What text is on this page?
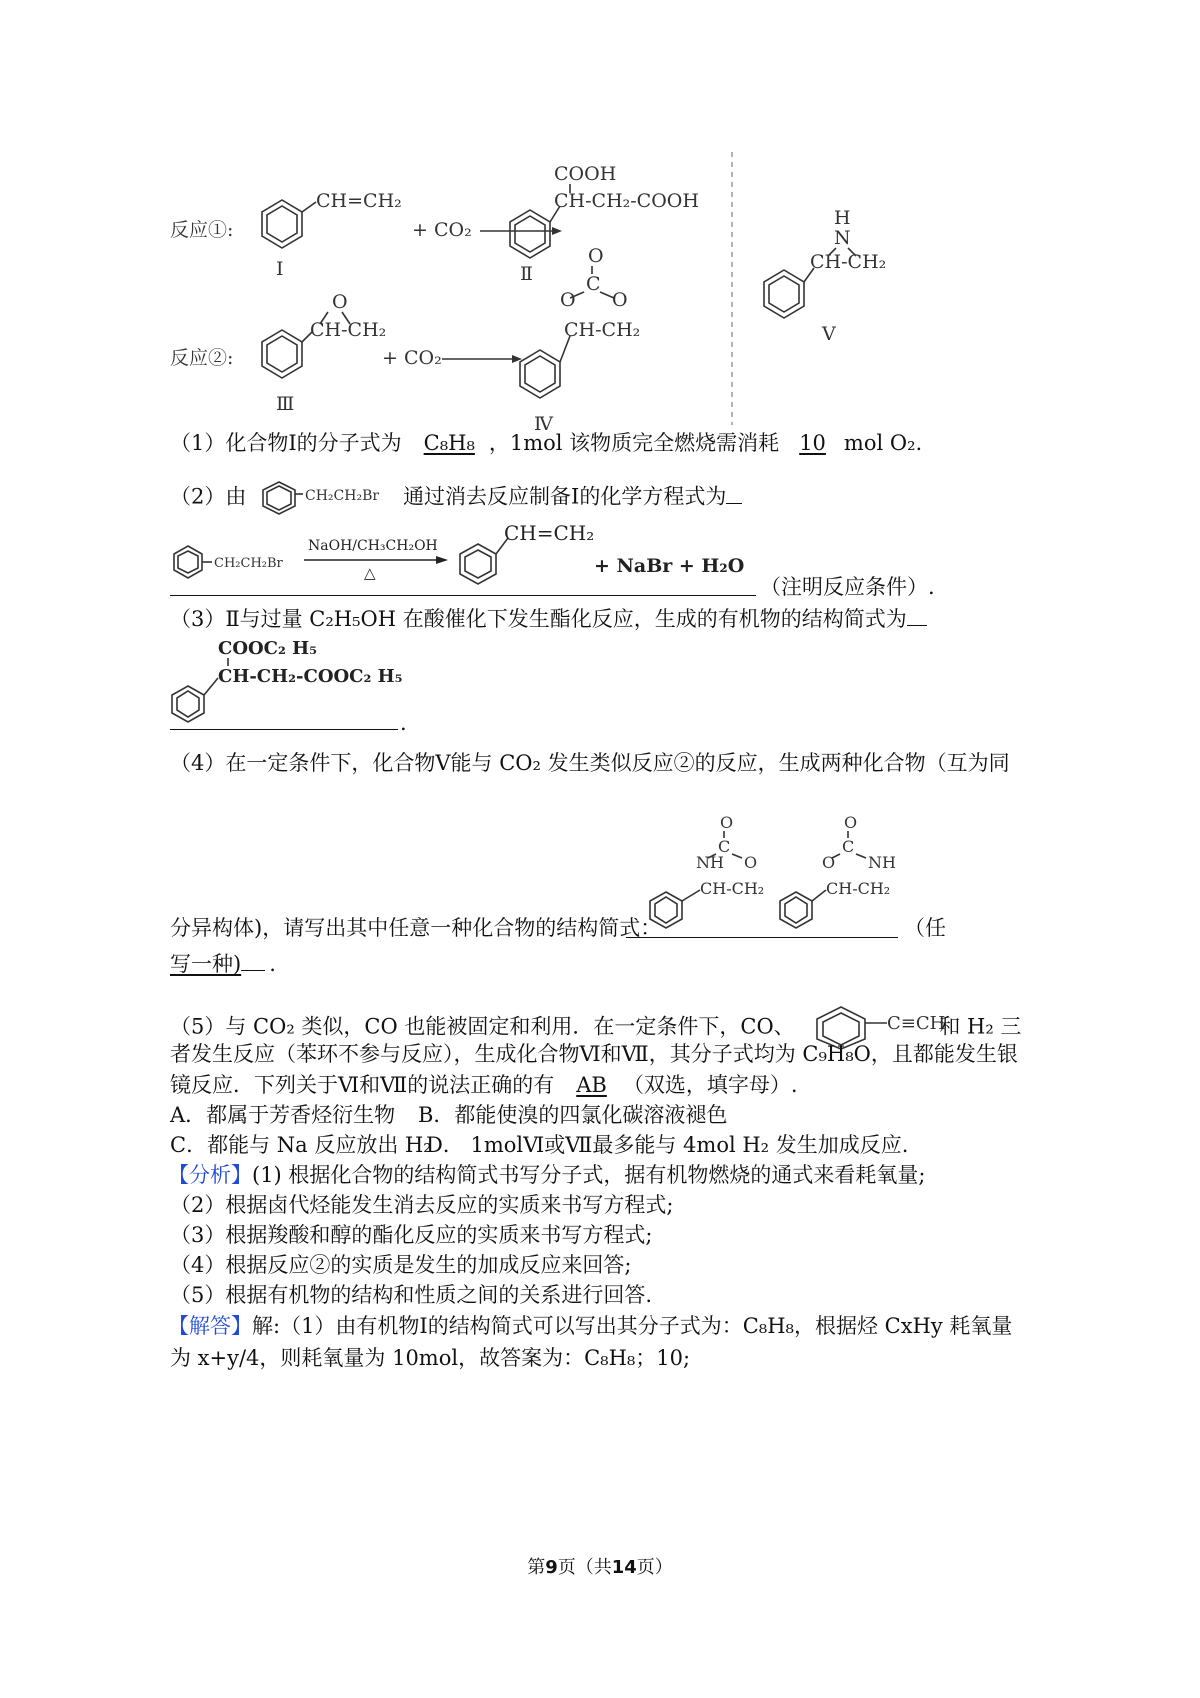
反应①:
反应②:
CH=CH₂
Ⅰ
+ CO₂
COOH
CH-CH₂-COOH
Ⅱ
O
CH-CH₂
Ⅲ
+ CO₂
O
C
O O
CH-CH₂
Ⅳ
H
N
CH-CH₂
Ⅴ
（1）化合物Ⅰ的分子式为 C₈H₈ ，1mol 该物质完全燃烧需消耗 10 mol O₂.
（2）由	CH₂CH₂Br 通过消去反应制备Ⅰ的化学方程式为
CH₂CH₂Br
NaOH/CH₃CH₂OH
△
CH=CH₂
+ NaBr + H₂O
（注明反应条件）.
（3）Ⅱ与过量 C₂H₅OH 在酸催化下发生酯化反应，生成的有机物的结构简式为
COOC₂ H₅
CH-CH₂-COOC₂ H₅
.
（4）在一定条件下，化合物Ⅴ能与 CO₂ 发生类似反应②的反应，生成两种化合物（互为同
O
C
NH O
CH-CH₂
O
C
O NH
CH-CH₂
分异构体)，请写出其中任意一种化合物的结构简式：	（任
写一种) .
（5）与 CO₂ 类似，CO 也能被固定和利用．在一定条件下，CO、	C≡CH
和 H₂ 三
者发生反应（苯环不参与反应），生成化合物Ⅵ和Ⅶ，其分子式均为 C₉H₈O，且都能发生银
镜反应．下列关于Ⅵ和Ⅶ的说法正确的有 AB （双选，填字母）.
A．都属于芳香烃衍生物 B．都能使溴的四氯化碳溶液褪色
C．都能与 Na 反应放出 H₂
D． 1molⅥ或Ⅶ最多能与 4mol H₂ 发生加成反应.
【分析】(1) 根据化合物的结构简式书写分子式，据有机物燃烧的通式来看耗氧量;
（2）根据卤代烃能发生消去反应的实质来书写方程式;
（3）根据羧酸和醇的酯化反应的实质来书写方程式;
（4）根据反应②的实质是发生的加成反应来回答;
（5）根据有机物的结构和性质之间的关系进行回答.
【解答】解:（1）由有机物Ⅰ的结构简式可以写出其分子式为：C₈H₈，根据烃 CxHy 耗氧量
为 x+y/4，则耗氧量为 10mol，故答案为：C₈H₈；10;
第9页（共14页）
